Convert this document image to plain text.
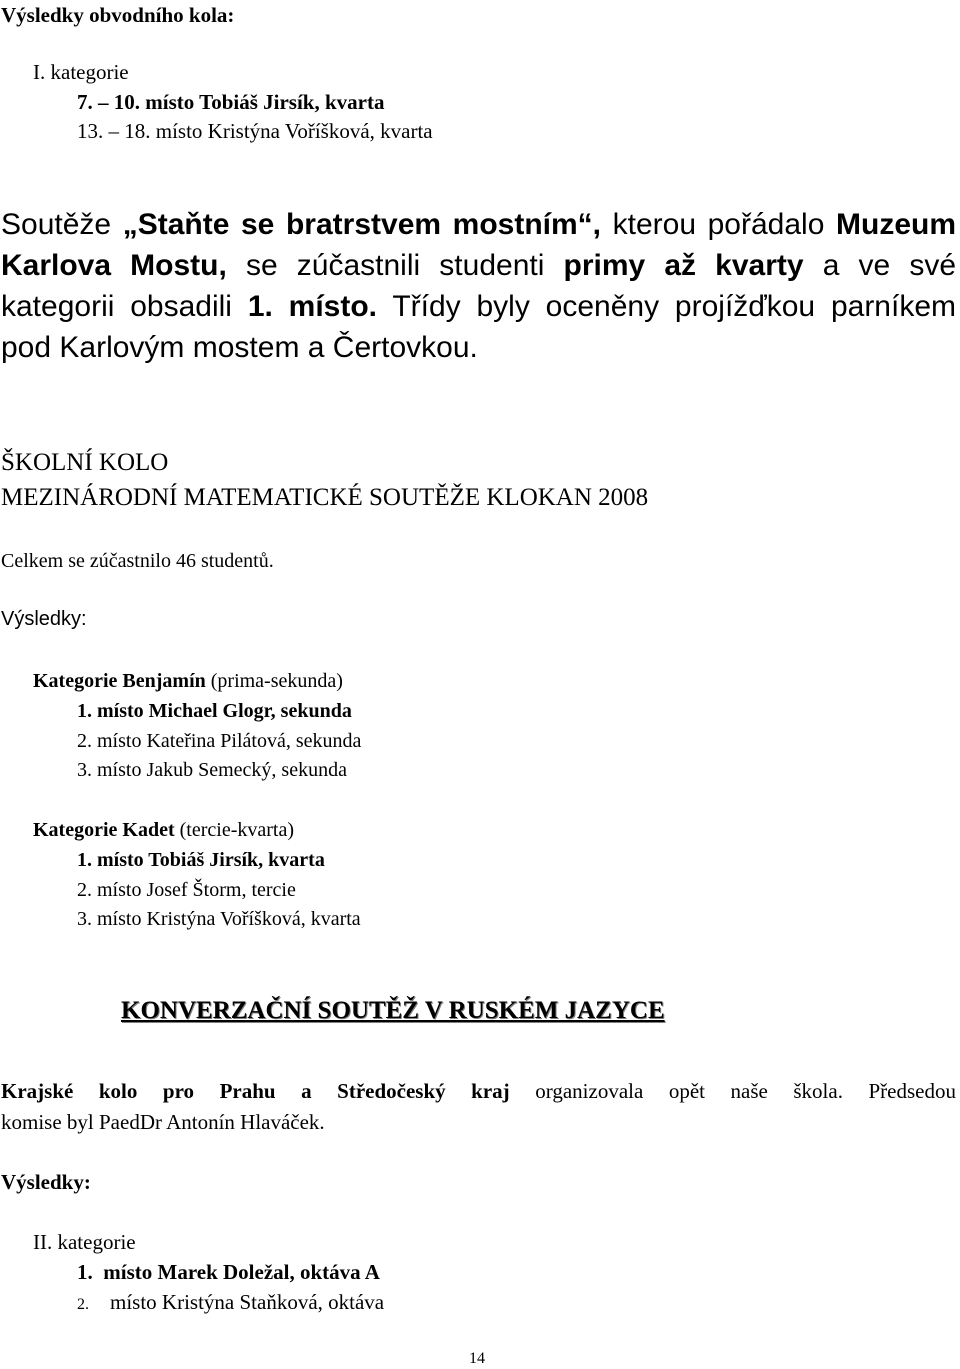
Výsledky obvodního kola:
I. kategorie
7. – 10. místo Tobiáš Jirsík, kvarta
13. – 18. místo Kristýna Voříšková, kvarta
Soutěže „Staňte se bratrstvem mostním“, kterou pořádalo Muzeum
Karlova Mostu, se zúčastnili studenti primy až kvarty a ve své
kategorii obsadili 1. místo. Třídy byly oceněny projížďkou parníkem
pod Karlovým mostem a Čertovkou.
ŠKOLNÍ KOLO
MEZINÁRODNÍ MATEMATICKÉ SOUTĚŽE KLOKAN 2008
Celkem se zúčastnilo 46 studentů.
Výsledky:
Kategorie Benjamín (prima-sekunda)
1. místo Michael Glogr, sekunda
2. místo Kateřina Pilátová, sekunda
3. místo Jakub Semecký, sekunda
Kategorie Kadet (tercie-kvarta)
1. místo Tobiáš Jirsík, kvarta
2. místo Josef Štorm, tercie
3. místo Kristýna Voříšková, kvarta
KONVERZAČNÍ SOUTĚŽ V RUSKÉM JAZYCE
Krajské kolo pro Prahu a Středočeský kraj organizovala opět naše škola. Předsedou
komise byl PaedDr Antonín Hlaváček.
Výsledky:
II. kategorie
1. místo Marek Doležal, oktáva A
2. místo Kristýna Staňková, oktáva
14
